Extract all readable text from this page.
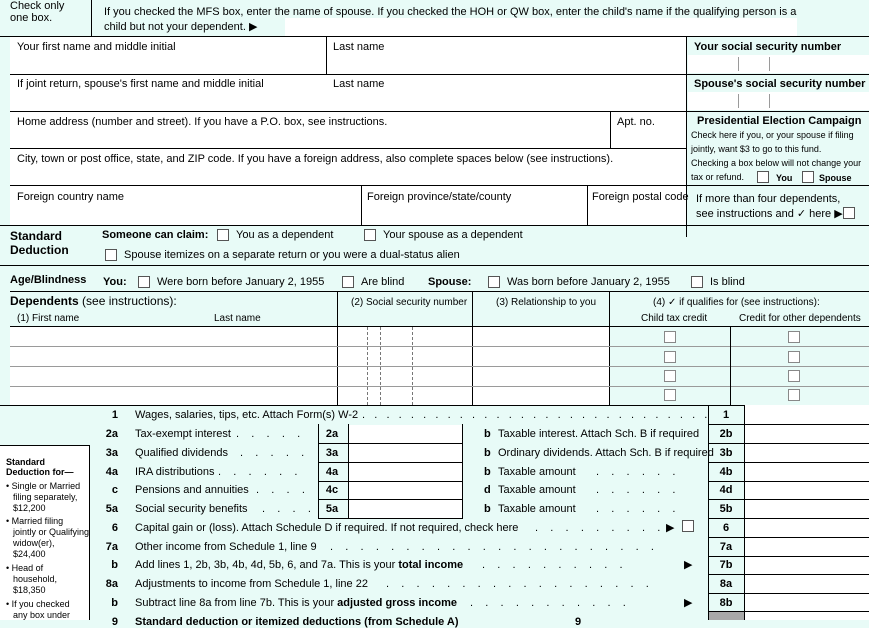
Check only one box.	If you checked the MFS box, enter the name of spouse. If you checked the HOH or QW box, enter the child's name if the qualifying person is a child but not your dependent. ▶
Your first name and middle initial	Last name	Your social security number
If joint return, spouse's first name and middle initial	Last name	Spouse's social security number
Home address (number and street). If you have a P.O. box, see instructions.	Apt. no.
City, town or post office, state, and ZIP code. If you have a foreign address, also complete spaces below (see instructions).
Presidential Election Campaign
Check here if you, or your spouse if filing
jointly, want $3 to go to this fund.
Checking a box below will not change your
tax or refund.	You	Spouse
Foreign country name	Foreign province/state/county	Foreign postal code If more than four dependents,
see instructions and ✓ here ▶
Standard
Deduction
Someone can claim:	You as a dependent	Your spouse as a dependent
Spouse itemizes on a separate return or you were a dual-status alien
Age/Blindness You:	Were born before January 2, 1955	Are blind Spouse:	Was born before January 2, 1955	Is blind
Dependents (see instructions):
(1) First name	Last name
(2) Social security number	(3) Relationship to you	(4) ✓ if qualifies for (see instructions):
Child tax credit	Credit for other dependents
Standard
Deduction for—
• Single or Married
filing separately,
$12,200
• Married filing
jointly or Qualifying
widow(er),
$24,400
• Head of
household,
$18,350
• If you checked
any box under
1 Wages, salaries, tips, etc. Attach Form(s) W-2 .   .   .   .   .   .   .   .   .   .   .   .   .   .   .   .   .   .   .   .   .   .   .   .   .   .   .   .   .	1
2a Tax-exempt interest .    .    .    .    .	2a	b Taxable interest. Attach Sch. B if required	2b
3a Qualified dividends .    .    .    .    .	3a	b Ordinary dividends. Attach Sch. B if required 3b
4a IRA distributions .    .    .    .    .    .	4a	b Taxable amount .    .    .    .    .    .	4b
c Pensions and annuities .    .    .    .	4c	d Taxable amount .    .    .    .    .    .	4d
5a Social security benefits .    .    .    .	5a	b Taxable amount .    .    .    .    .    .	5b
6 Capital gain or (loss). Attach Schedule D if required. If not required, check here .    .    .    .    .    .    .    .    . ▶	6
7a Other income from Schedule 1, line 9 .    .    .    .    .    .    .    .    .    .    .    .    .    .    .    .    .    .    .    .    .    .	7a
b Add lines 1, 2b, 3b, 4b, 4d, 5b, 6, and 7a. This is your total income .    .    .    .    .    .    .    .    .    .	▶	7b
8a Adjustments to income from Schedule 1, line 22 .    .    .    .    .    .    .    .    .    .    .    .    .    .    .    .    .    .	8a
b Subtract line 8a from line 7b. This is your adjusted gross income .    .    .    .    .    .    .    .    .    .    .	▶	8b
9 Standard deduction or itemized deductions (from Schedule A)	9
